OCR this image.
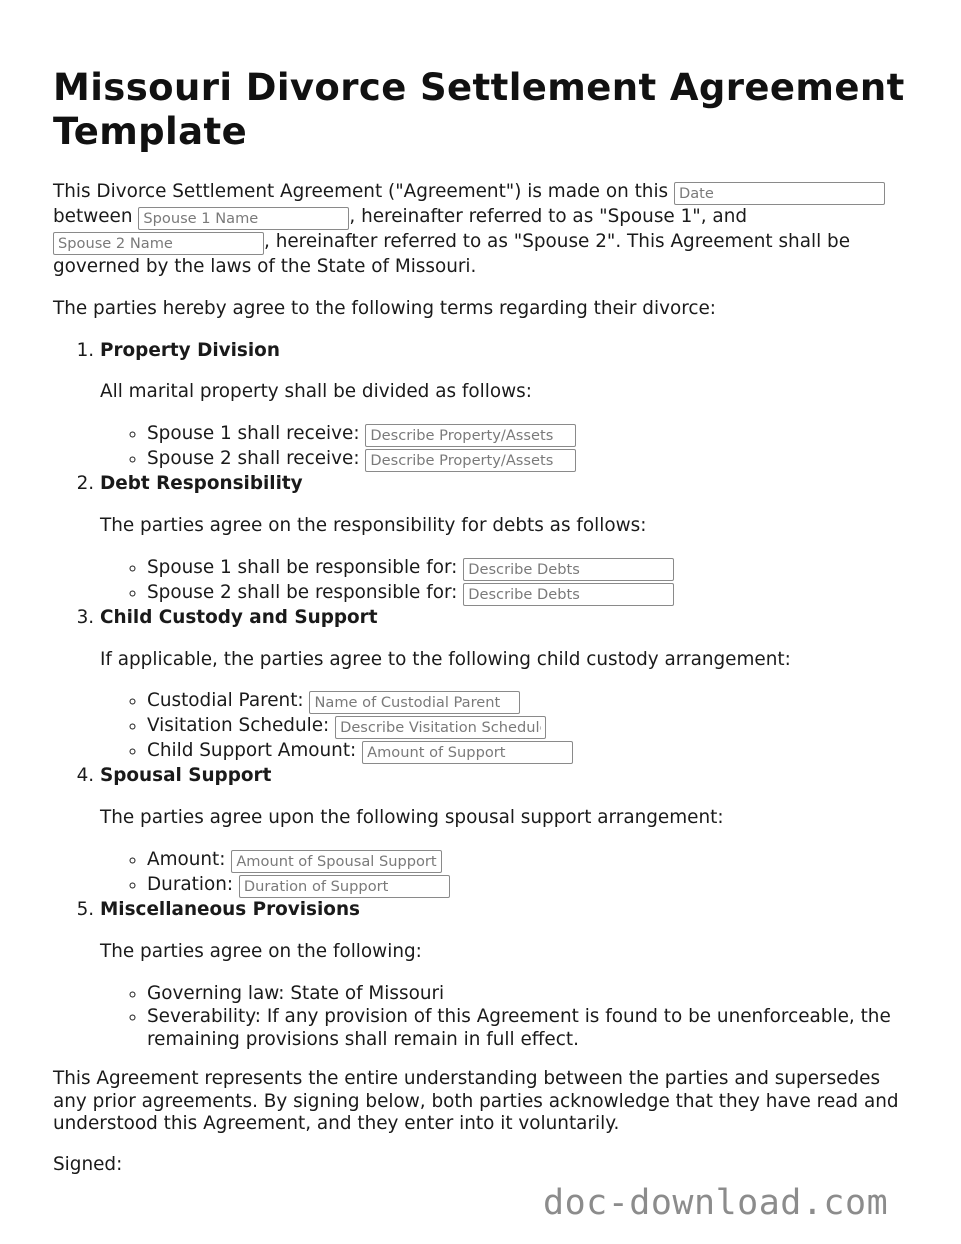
Missouri Divorce Settlement Agreement Template

This Divorce Settlement Agreement ("Agreement") is made on this Date
between Spouse 1 Name	, hereinafter referred to as "Spouse 1", and
Spouse 2 Name, hereinafter referred to as "Spouse 2". This Agreement shall be governed by the laws of the State of Missouri.

The parties hereby agree to the following terms regarding their divorce:

1. Property Division

All marital property shall be divided as follows:

◦ Spouse 1 shall receive: Describe Property/Assets
◦ Spouse 2 shall receive: Describe Property/Assets
2. Debt Responsibility

The parties agree on the responsibility for debts as follows:

◦ Spouse 1 shall be responsible for: Describe Debts
◦ Spouse 2 shall be responsible for: Describe Debts
3. Child Custody and Support

If applicable, the parties agree to the following child custody arrangement:

◦ Custodial Parent: Name of Custodial Parent
◦ Visitation Schedule: Describe Visitation Schedule
◦ Child Support Amount: Amount of Support
4. Spousal Support

The parties agree upon the following spousal support arrangement:

◦ Amount: Amount of Spousal Support
◦ Duration: Duration of Support
5. Miscellaneous Provisions

The parties agree on the following:

◦ Governing law: State of Missouri
◦ Severability: If any provision of this Agreement is found to be unenforceable, the remaining provisions shall remain in full effect.

This Agreement represents the entire understanding between the parties and supersedes any prior agreements. By signing below, both parties acknowledge that they have read and understood this Agreement, and they enter into it voluntarily.

Signed:

doc-download.com
